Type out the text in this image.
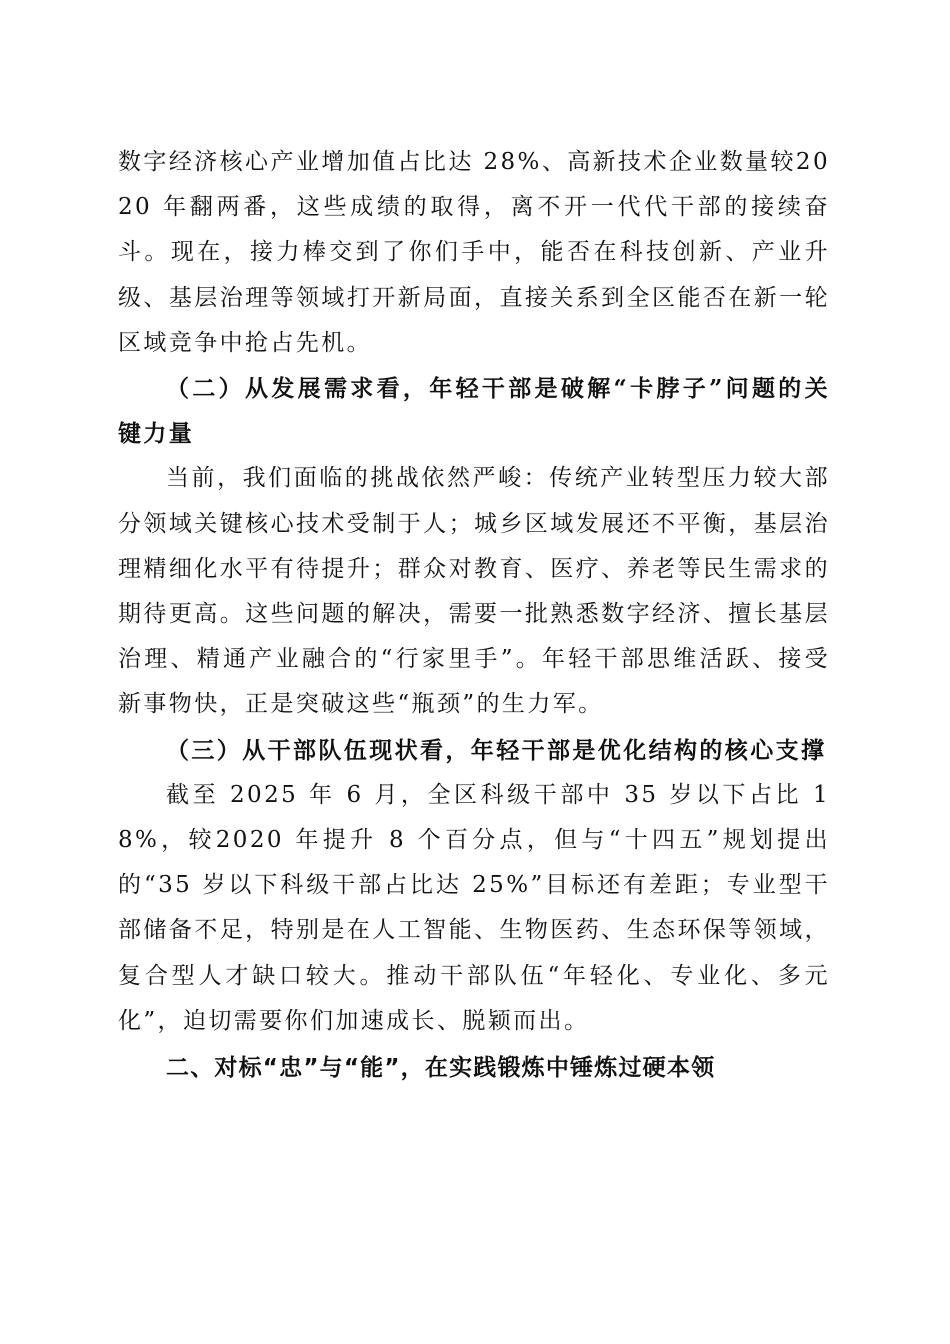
数字经济核心产业增加值占比达 28%、高新技术企业数量较2020 年翻两番，这些成绩的取得，离不开一代代干部的接续奋斗。现在，接力棒交到了你们手中，能否在科技创新、产业升级、基层治理等领域打开新局面，直接关系到全区能否在新一轮区域竞争中抢占先机。

（二）从发展需求看，年轻干部是破解“卡脖子”问题的关键力量

当前，我们面临的挑战依然严峻：传统产业转型压力较大部分领域关键核心技术受制于人；城乡区域发展还不平衡，基层治理精细化水平有待提升；群众对教育、医疗、养老等民生需求的期待更高。这些问题的解决，需要一批熟悉数字经济、擅长基层治理、精通产业融合的“行家里手”。年轻干部思维活跃、接受新事物快，正是突破这些“瓶颈”的生力军。

（三）从干部队伍现状看，年轻干部是优化结构的核心支撑

截至 2025 年 6 月，全区科级干部中 35 岁以下占比 18%，较2020 年提升 8 个百分点，但与“十四五”规划提出的“35 岁以下科级干部占比达 25%”目标还有差距；专业型干部储备不足，特别是在人工智能、生物医药、生态环保等领域，复合型人才缺口较大。推动干部队伍“年轻化、专业化、多元化”，迫切需要你们加速成长、脱颖而出。

二、对标“忠”与“能”，在实践锻炼中锤炼过硬本领
